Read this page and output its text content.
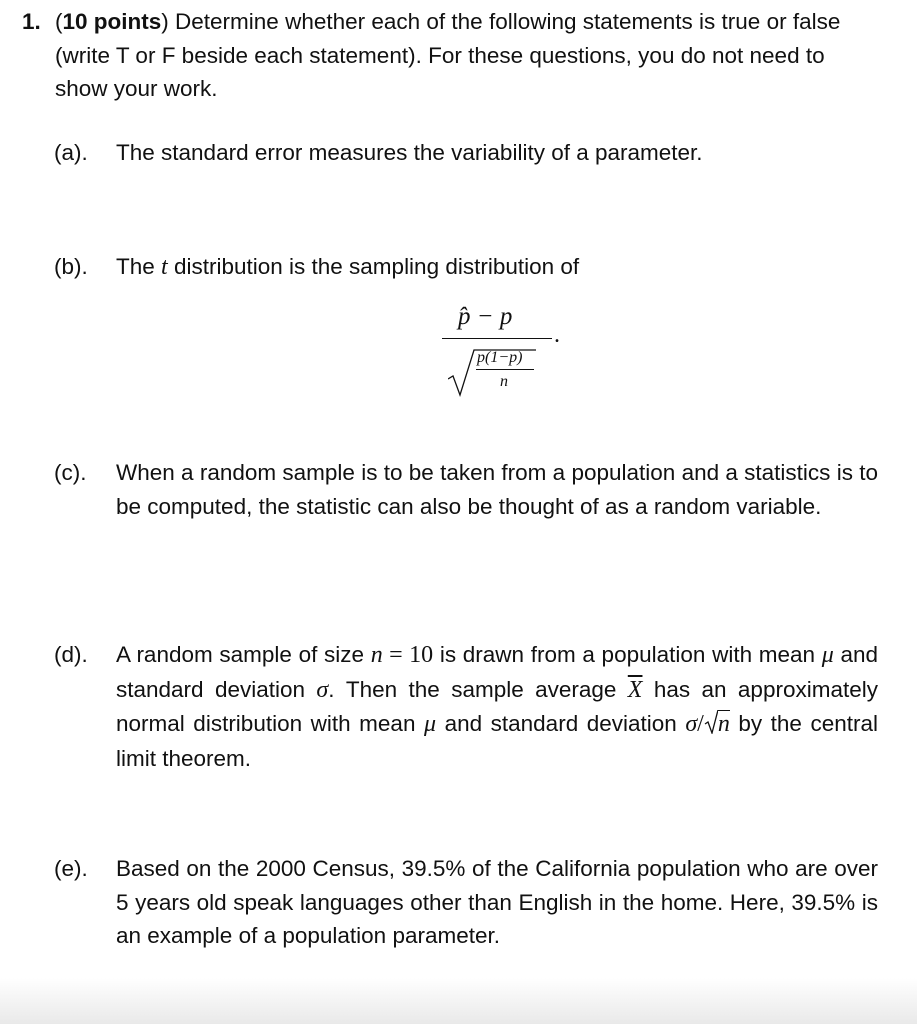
1. (10 points) Determine whether each of the following statements is true or false (write T or F beside each statement). For these questions, you do not need to show your work.
(a). The standard error measures the variability of a parameter.
(b). The t distribution is the sampling distribution of
p̂ − p
.
p(1−p)
n
(c). When a random sample is to be taken from a population and a statistics is to be computed, the statistic can also be thought of as a random variable.
(d). A random sample of size n = 10 is drawn from a population with mean μ and standard deviation σ. Then the sample average $\overline{X}$ has an approximately normal distribution with mean μ and standard deviation σ/ n by the central limit theorem.
(e). Based on the 2000 Census, 39.5% of the California population who are over 5 years old speak languages other than English in the home. Here, 39.5% is an example of a population parameter.
